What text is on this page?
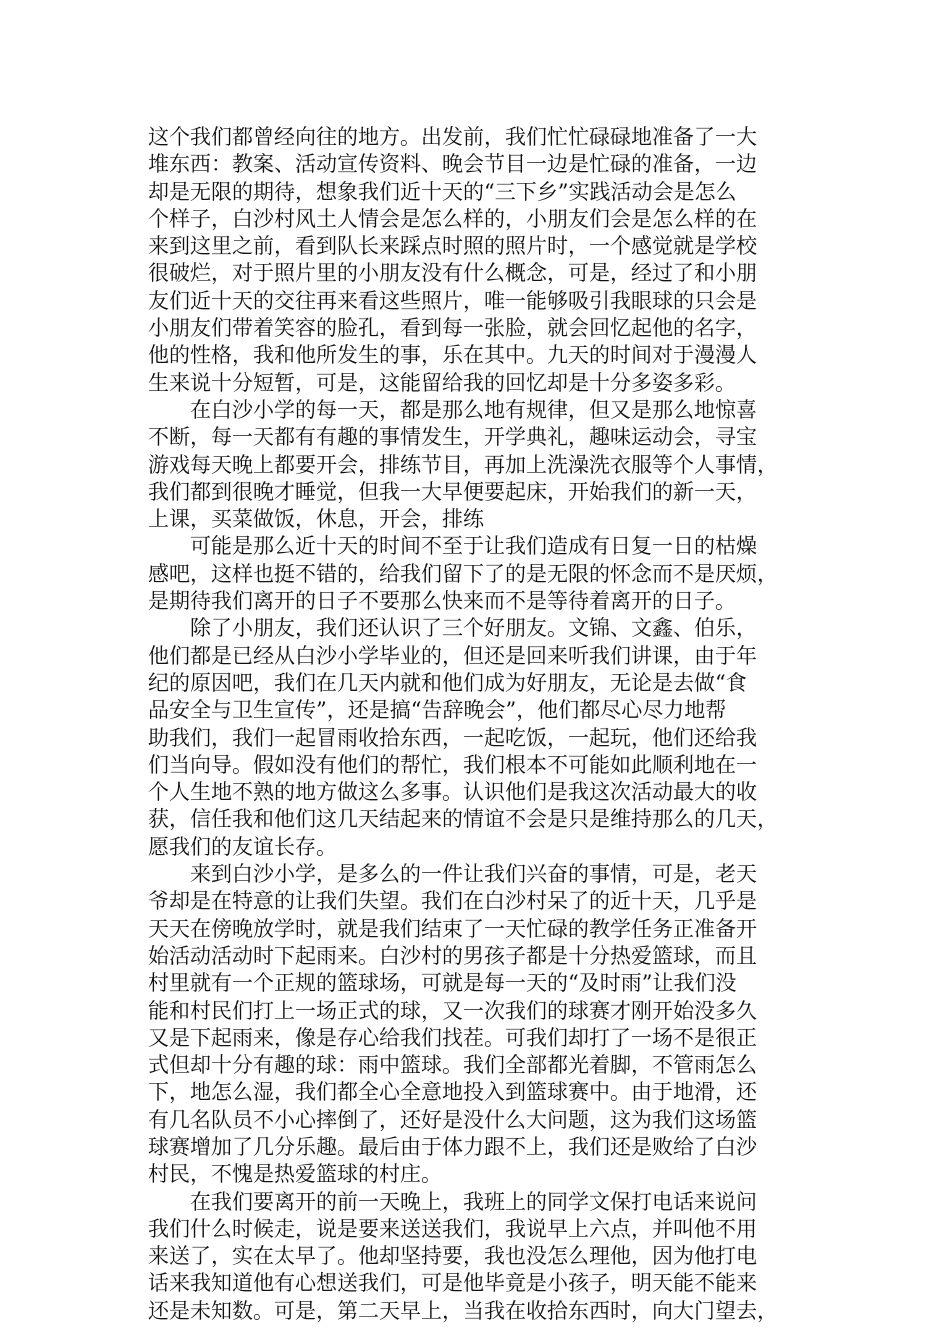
这个我们都曾经向往的地方。出发前，我们忙忙碌碌地准备了一大
堆东西：教案、活动宣传资料、晚会节目一边是忙碌的准备，一边
却是无限的期待，想象我们近十天的“三下乡”实践活动会是怎么
个样子，白沙村风土人情会是怎么样的，小朋友们会是怎么样的在
来到这里之前，看到队长来踩点时照的照片时，一个感觉就是学校
很破烂，对于照片里的小朋友没有什么概念，可是，经过了和小朋
友们近十天的交往再来看这些照片，唯一能够吸引我眼球的只会是
小朋友们带着笑容的脸孔，看到每一张脸，就会回忆起他的名字，
他的性格，我和他所发生的事，乐在其中。九天的时间对于漫漫人
生来说十分短暂，可是，这能留给我的回忆却是十分多姿多彩。
在白沙小学的每一天，都是那么地有规律，但又是那么地惊喜
不断，每一天都有有趣的事情发生，开学典礼，趣味运动会，寻宝
游戏每天晚上都要开会，排练节目，再加上洗澡洗衣服等个人事情，
我们都到很晚才睡觉，但我一大早便要起床，开始我们的新一天，
上课，买菜做饭，休息，开会，排练
可能是那么近十天的时间不至于让我们造成有日复一日的枯燥
感吧，这样也挺不错的，给我们留下了的是无限的怀念而不是厌烦，
是期待我们离开的日子不要那么快来而不是等待着离开的日子。
除了小朋友，我们还认识了三个好朋友。文锦、文鑫、伯乐，
他们都是已经从白沙小学毕业的，但还是回来听我们讲课，由于年
纪的原因吧，我们在几天内就和他们成为好朋友，无论是去做“食
品安全与卫生宣传”，还是搞“告辞晚会”，他们都尽心尽力地帮
助我们，我们一起冒雨收拾东西，一起吃饭，一起玩，他们还给我
们当向导。假如没有他们的帮忙，我们根本不可能如此顺利地在一
个人生地不熟的地方做这么多事。认识他们是我这次活动最大的收
获，信任我和他们这几天结起来的情谊不会是只是维持那么的几天，
愿我们的友谊长存。
来到白沙小学，是多么的一件让我们兴奋的事情，可是，老天
爷却是在特意的让我们失望。我们在白沙村呆了的近十天，几乎是
天天在傍晚放学时，就是我们结束了一天忙碌的教学任务正准备开
始活动活动时下起雨来。白沙村的男孩子都是十分热爱篮球，而且
村里就有一个正规的篮球场，可就是每一天的“及时雨”让我们没
能和村民们打上一场正式的球，又一次我们的球赛才刚开始没多久
又是下起雨来，像是存心给我们找茬。可我们却打了一场不是很正
式但却十分有趣的球：雨中篮球。我们全部都光着脚，不管雨怎么
下，地怎么湿，我们都全心全意地投入到篮球赛中。由于地滑，还
有几名队员不小心摔倒了，还好是没什么大问题，这为我们这场篮
球赛增加了几分乐趣。最后由于体力跟不上，我们还是败给了白沙
村民，不愧是热爱篮球的村庄。
在我们要离开的前一天晚上，我班上的同学文保打电话来说问
我们什么时候走，说是要来送送我们，我说早上六点，并叫他不用
来送了，实在太早了。他却坚持要，我也没怎么理他，因为他打电
话来我知道他有心想送我们，可是他毕竟是小孩子，明天能不能来
还是未知数。可是，第二天早上，当我在收拾东西时，向大门望去，
